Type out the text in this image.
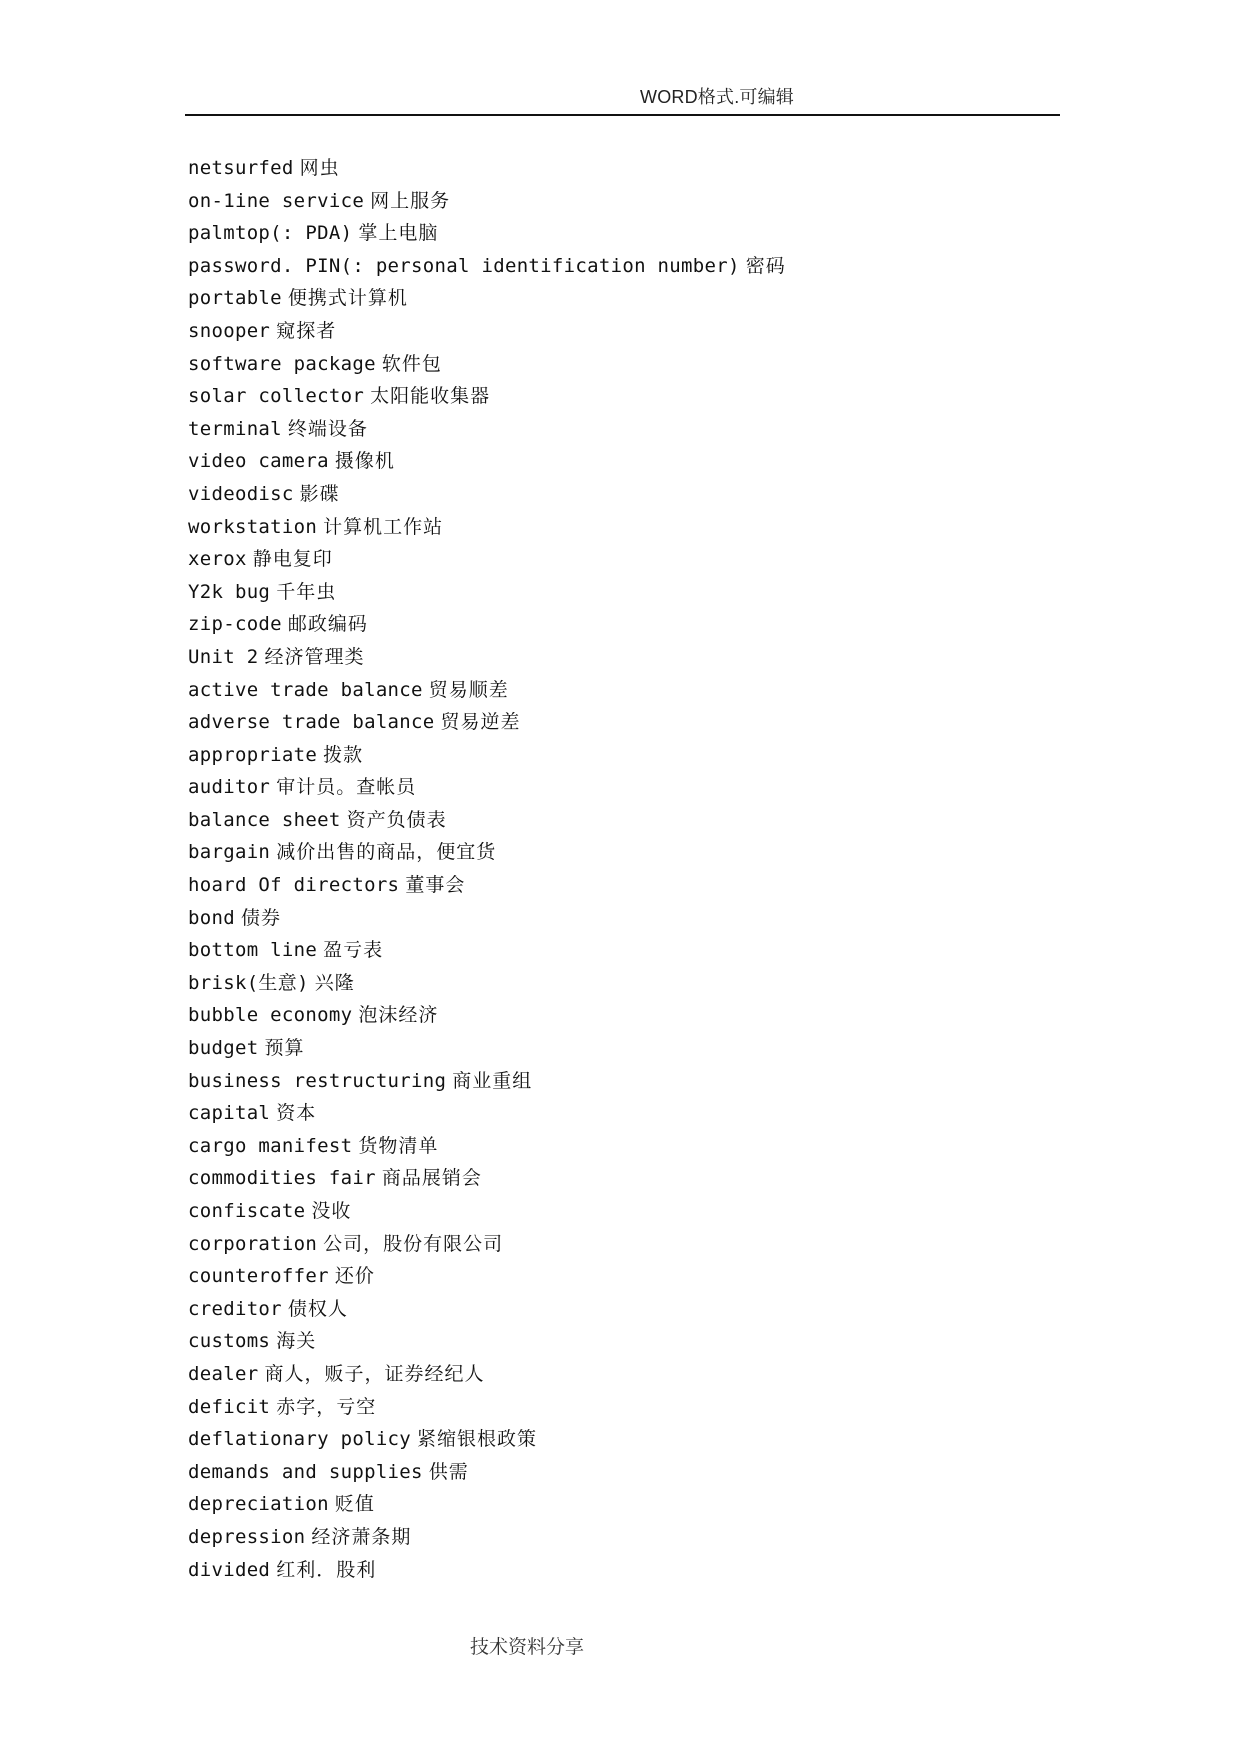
WORD格式.可编辑
netsurfed 网虫
on-1ine service 网上服务
palmtop(: PDA) 掌上电脑
password. PIN(: personal identification number) 密码
portable 便携式计算机
snooper 窥探者
software package 软件包
solar collector 太阳能收集器
terminal 终端设备
video camera 摄像机
videodisc 影碟
workstation 计算机工作站
xerox 静电复印
Y2k bug 千年虫
zip-code 邮政编码
Unit 2 经济管理类
active trade balance 贸易顺差
adverse trade balance 贸易逆差
appropriate 拨款
auditor 审计员。查帐员
balance sheet 资产负债表
bargain 减价出售的商品，便宜货
hoard Of directors 董事会
bond 债券
bottom line 盈亏表
brisk(生意) 兴隆
bubble economy 泡沫经济
budget 预算
business restructuring 商业重组
capital 资本
cargo manifest 货物清单
commodities fair 商品展销会
confiscate 没收
corporation 公司，股份有限公司
counteroffer 还价
creditor 债权人
customs 海关
dealer 商人，贩子，证券经纪人
deficit 赤字，亏空
deflationary policy 紧缩银根政策
demands and supplies 供需
depreciation 贬值
depression 经济萧条期
divided 红利．股利
技术资料分享
